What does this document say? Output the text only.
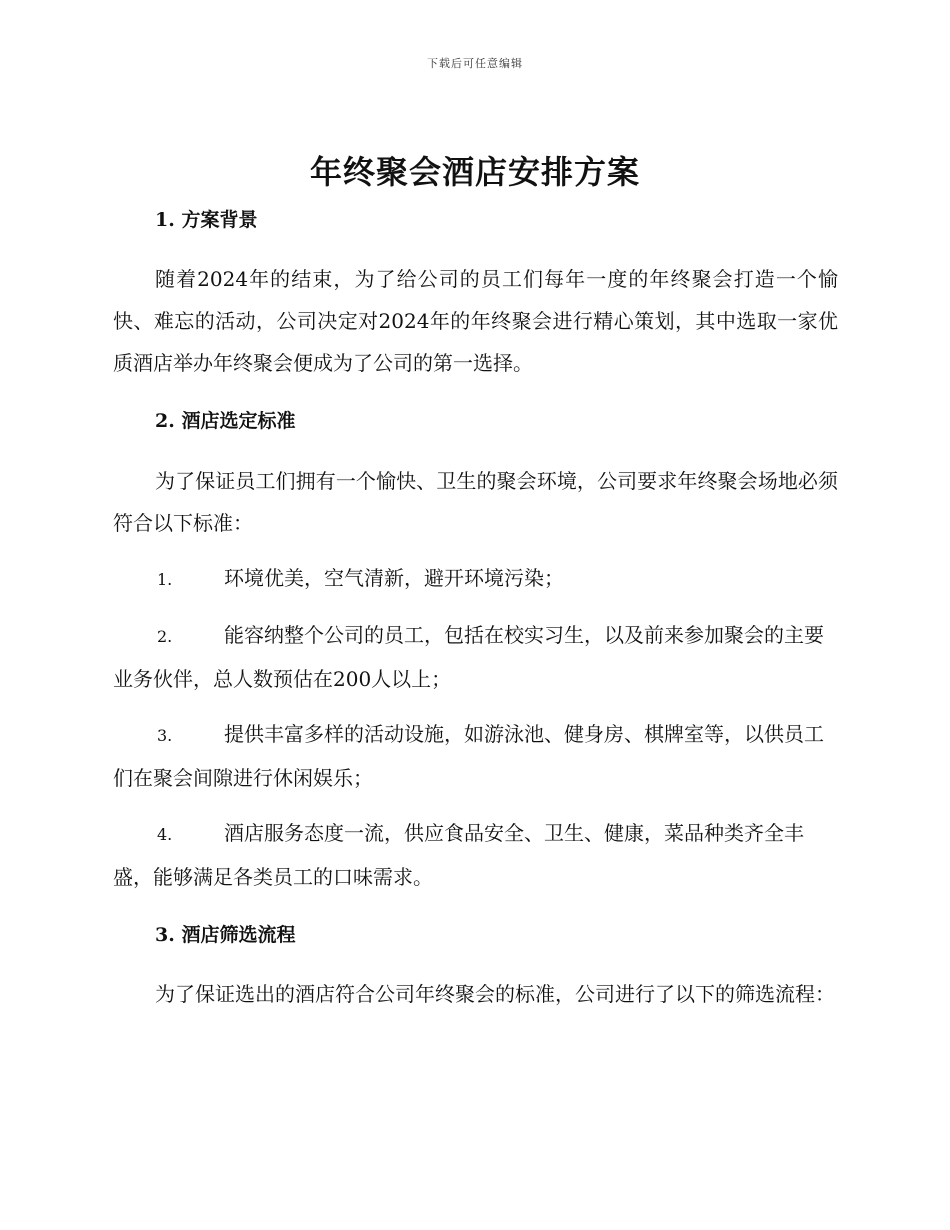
下载后可任意编辑
年终聚会酒店安排方案
1. 方案背景

随着2024年的结束，为了给公司的员工们每年一度的年终聚会打造一个愉快、难忘的活动，公司决定对2024年的年终聚会进行精心策划，其中选取一家优质酒店举办年终聚会便成为了公司的第一选择。

2. 酒店选定标准

为了保证员工们拥有一个愉快、卫生的聚会环境，公司要求年终聚会场地必须符合以下标准：

1.	环境优美，空气清新，避开环境污染；

2.	能容纳整个公司的员工，包括在校实习生，以及前来参加聚会的主要业务伙伴，总人数预估在200人以上；

3.	提供丰富多样的活动设施，如游泳池、健身房、棋牌室等，以供员工们在聚会间隙进行休闲娱乐；

4.	酒店服务态度一流，供应食品安全、卫生、健康，菜品种类齐全丰盛，能够满足各类员工的口味需求。

3. 酒店筛选流程

为了保证选出的酒店符合公司年终聚会的标准，公司进行了以下的筛选流程：
